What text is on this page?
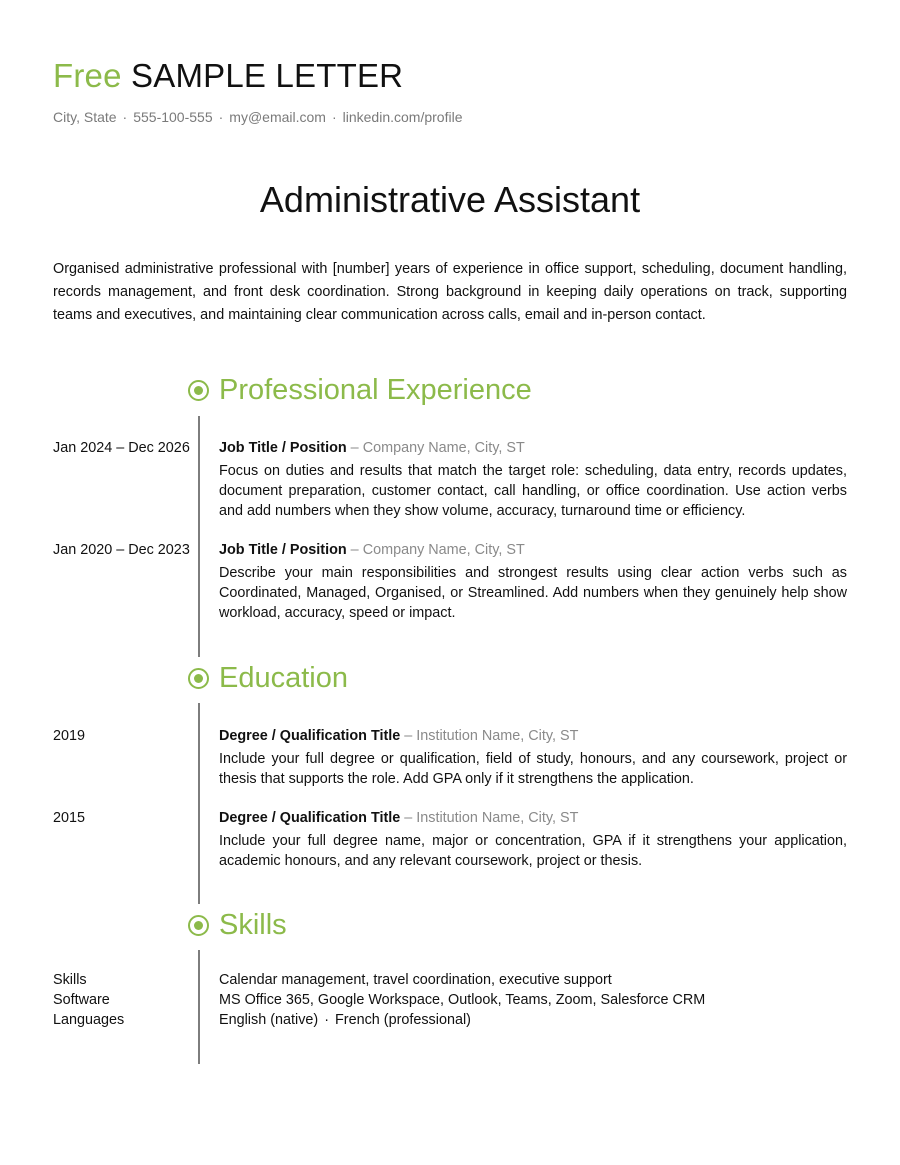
Free SAMPLE LETTER
City, State · 555-100-555 · my@email.com · linkedin.com/profile
Administrative Assistant
Organised administrative professional with [number] years of experience in office support, scheduling, document handling, records management, and front desk coordination. Strong background in keeping daily operations on track, supporting teams and executives, and maintaining clear communication across calls, email and in-person contact.
Professional Experience
Jan 2024 – Dec 2026 Job Title / Position – Company Name, City, ST
Focus on duties and results that match the target role: scheduling, data entry, records updates, document preparation, customer contact, call handling, or office coordination. Use action verbs and add numbers when they show volume, accuracy, turnaround time or efficiency.
Jan 2020 – Dec 2023 Job Title / Position – Company Name, City, ST
Describe your main responsibilities and strongest results using clear action verbs such as Coordinated, Managed, Organised, or Streamlined. Add numbers when they genuinely help show workload, accuracy, speed or impact.
Education
2019	Degree / Qualification Title – Institution Name, City, ST
Include your full degree or qualification, field of study, honours, and any coursework, project or thesis that supports the role. Add GPA only if it strengthens the application.
2015	Degree / Qualification Title – Institution Name, City, ST
Include your full degree name, major or concentration, GPA if it strengthens your application, academic honours, and any relevant coursework, project or thesis.
Skills
Skills
Software
Languages
Calendar management, travel coordination, executive support
MS Office 365, Google Workspace, Outlook, Teams, Zoom, Salesforce CRM
English (native) · French (professional)
